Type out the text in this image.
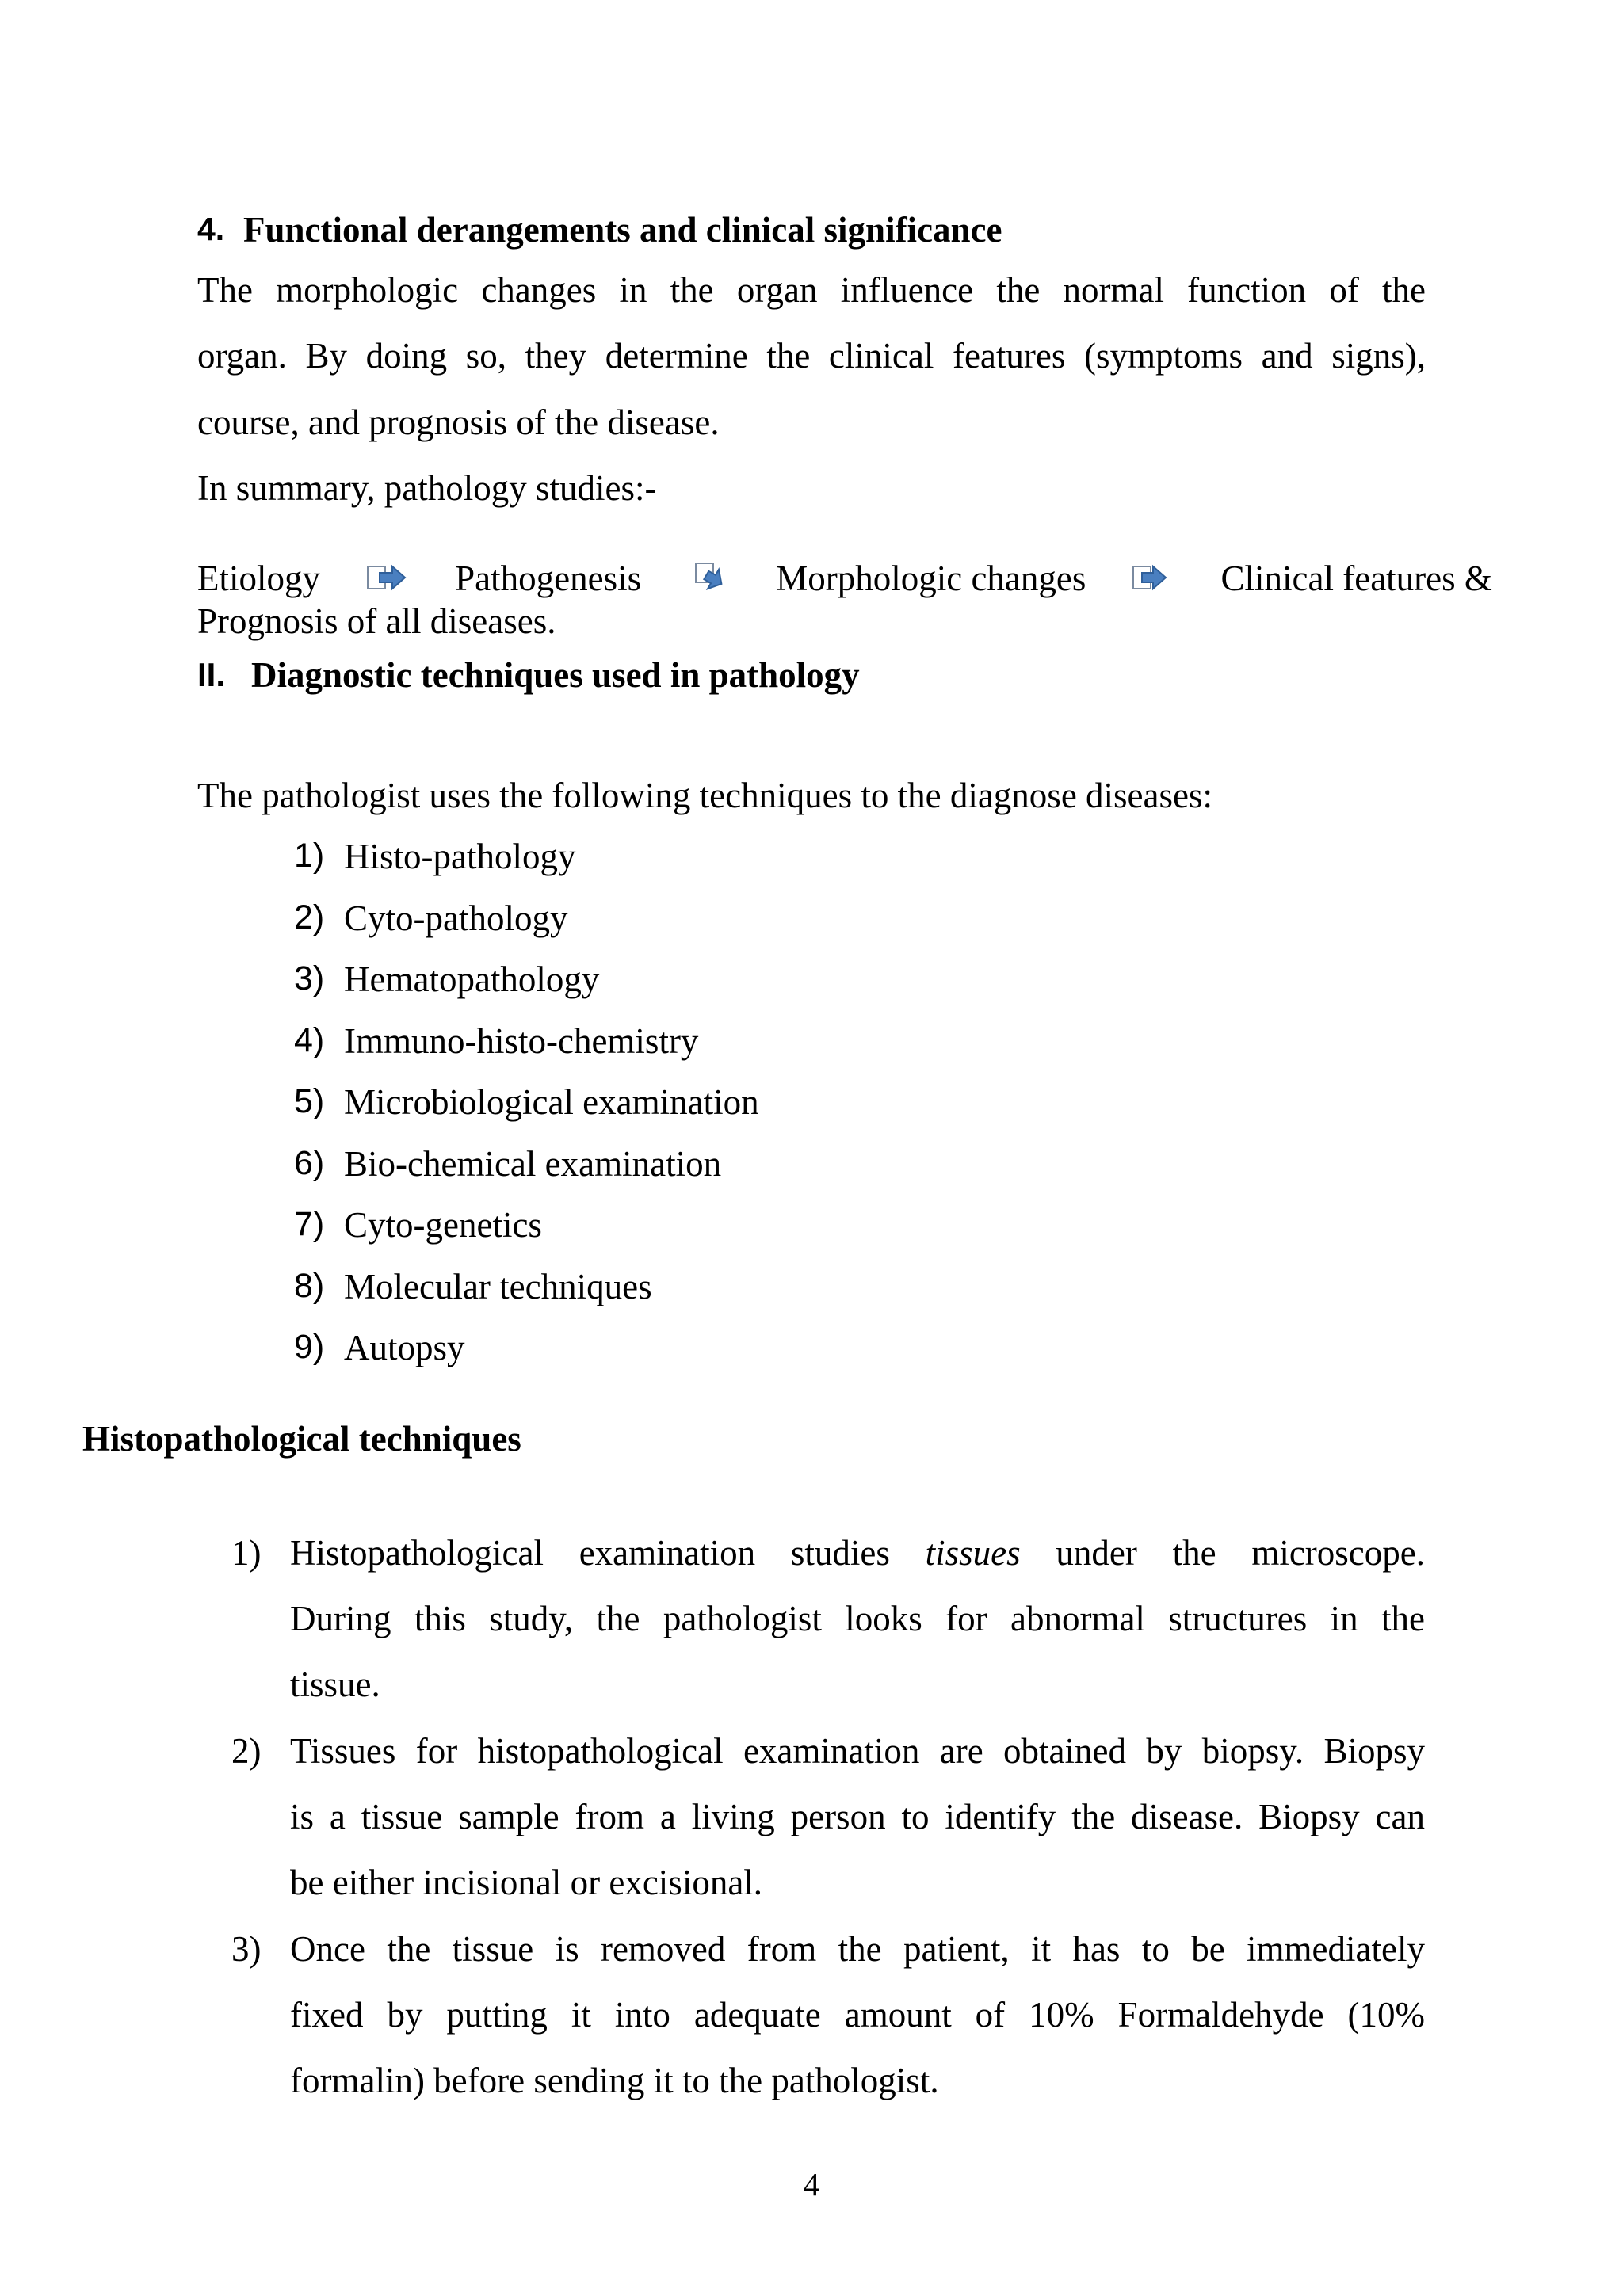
4. Functional derangements and clinical significance
The morphologic changes in the organ influence the normal function of the
organ. By doing so, they determine the clinical features (symptoms and signs),
course, and prognosis of the disease.
In summary, pathology studies:-
Etiology	Pathogenesis	Morphologic changes	Clinical features &
Prognosis of all diseases.
II. Diagnostic techniques used in pathology
The pathologist uses the following techniques to the diagnose diseases:
1) Histo-pathology
2) Cyto-pathology
3) Hematopathology
4) Immuno-histo-chemistry
5) Microbiological examination
6) Bio-chemical examination
7) Cyto-genetics
8) Molecular techniques
9) Autopsy
Histopathological techniques
1) Histopathological examination studies tissues under the microscope.
During this study, the pathologist looks for abnormal structures in the
tissue.
2) Tissues for histopathological examination are obtained by biopsy. Biopsy
is a tissue sample from a living person to identify the disease. Biopsy can
be either incisional or excisional.
3) Once the tissue is removed from the patient, it has to be immediately
fixed by putting it into adequate amount of 10% Formaldehyde (10%
formalin) before sending it to the pathologist.
4
